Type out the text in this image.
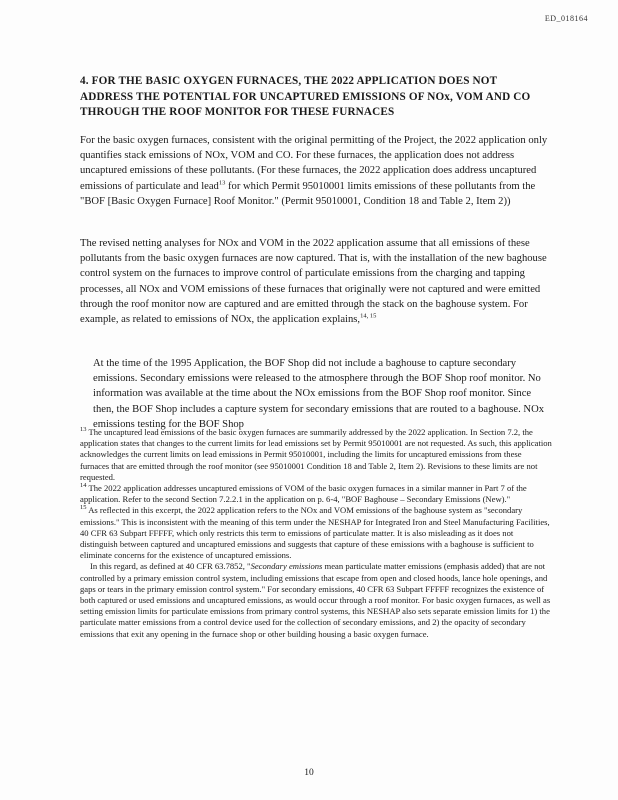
ED_018164
4. FOR THE BASIC OXYGEN FURNACES, THE 2022 APPLICATION DOES NOT ADDRESS THE POTENTIAL FOR UNCAPTURED EMISSIONS OF NOx, VOM AND CO THROUGH THE ROOF MONITOR FOR THESE FURNACES

For the basic oxygen furnaces, consistent with the original permitting of the Project, the 2022 application only quantifies stack emissions of NOx, VOM and CO. For these furnaces, the application does not address uncaptured emissions of these pollutants. (For these furnaces, the 2022 application does address uncaptured emissions of particulate and lead$^{13}$ for which Permit 95010001 limits emissions of these pollutants from the "BOF [Basic Oxygen Furnace] Roof Monitor." (Permit 95010001, Condition 18 and Table 2, Item 2))

The revised netting analyses for NOx and VOM in the 2022 application assume that all emissions of these pollutants from the basic oxygen furnaces are now captured. That is, with the installation of the new baghouse control system on the furnaces to improve control of particulate emissions from the charging and tapping processes, all NOx and VOM emissions of these furnaces that originally were not captured and were emitted through the roof monitor now are captured and are emitted through the stack on the baghouse system. For example, as related to emissions of NOx, the application explains,$^{14, 15}$

At the time of the 1995 Application, the BOF Shop did not include a baghouse to capture secondary emissions. Secondary emissions were released to the atmosphere through the BOF Shop roof monitor. No information was available at the time about the NOx emissions from the BOF Shop roof monitor. Since then, the BOF Shop includes a capture system for secondary emissions that are routed to a baghouse. NOx emissions testing for the BOF Shop

$^{13}$ The uncaptured lead emissions of the basic oxygen furnaces are summarily addressed by the 2022 application. In Section 7.2, the application states that changes to the current limits for lead emissions set by Permit 95010001 are not requested. As such, this application acknowledges the current limits on lead emissions in Permit 95010001, including the limits for uncaptured emissions from these furnaces that are emitted through the roof monitor (see 95010001 Condition 18 and Table 2, Item 2). Revisions to these limits are not requested.

$^{14}$ The 2022 application addresses uncaptured emissions of VOM of the basic oxygen furnaces in a similar manner in Part 7 of the application. Refer to the second Section 7.2.2.1 in the application on p. 6-4, "BOF Baghouse – Secondary Emissions (New)."

$^{15}$ As reflected in this excerpt, the 2022 application refers to the NOx and VOM emissions of the baghouse system as "secondary emissions." This is inconsistent with the meaning of this term under the NESHAP for Integrated Iron and Steel Manufacturing Facilities, 40 CFR 63 Subpart FFFFF, which only restricts this term to emissions of particulate matter. It is also misleading as it does not distinguish between captured and uncaptured emissions and suggests that capture of these emissions with a baghouse is sufficient to eliminate concerns for the existence of uncaptured emissions.

In this regard, as defined at 40 CFR 63.7852, "Secondary emissions mean particulate matter emissions (emphasis added) that are not controlled by a primary emission control system, including emissions that escape from open and closed hoods, lance hole openings, and gaps or tears in the primary emission control system." For secondary emissions, 40 CFR 63 Subpart FFFFF recognizes the existence of both captured or used emissions and uncaptured emissions, as would occur through a roof monitor. For basic oxygen furnaces, as well as setting emission limits for particulate emissions from primary control systems, this NESHAP also sets separate emission limits for 1) the particulate matter emissions from a control device used for the collection of secondary emissions, and 2) the opacity of secondary emissions that exit any opening in the furnace shop or other building housing a basic oxygen furnace.

10
